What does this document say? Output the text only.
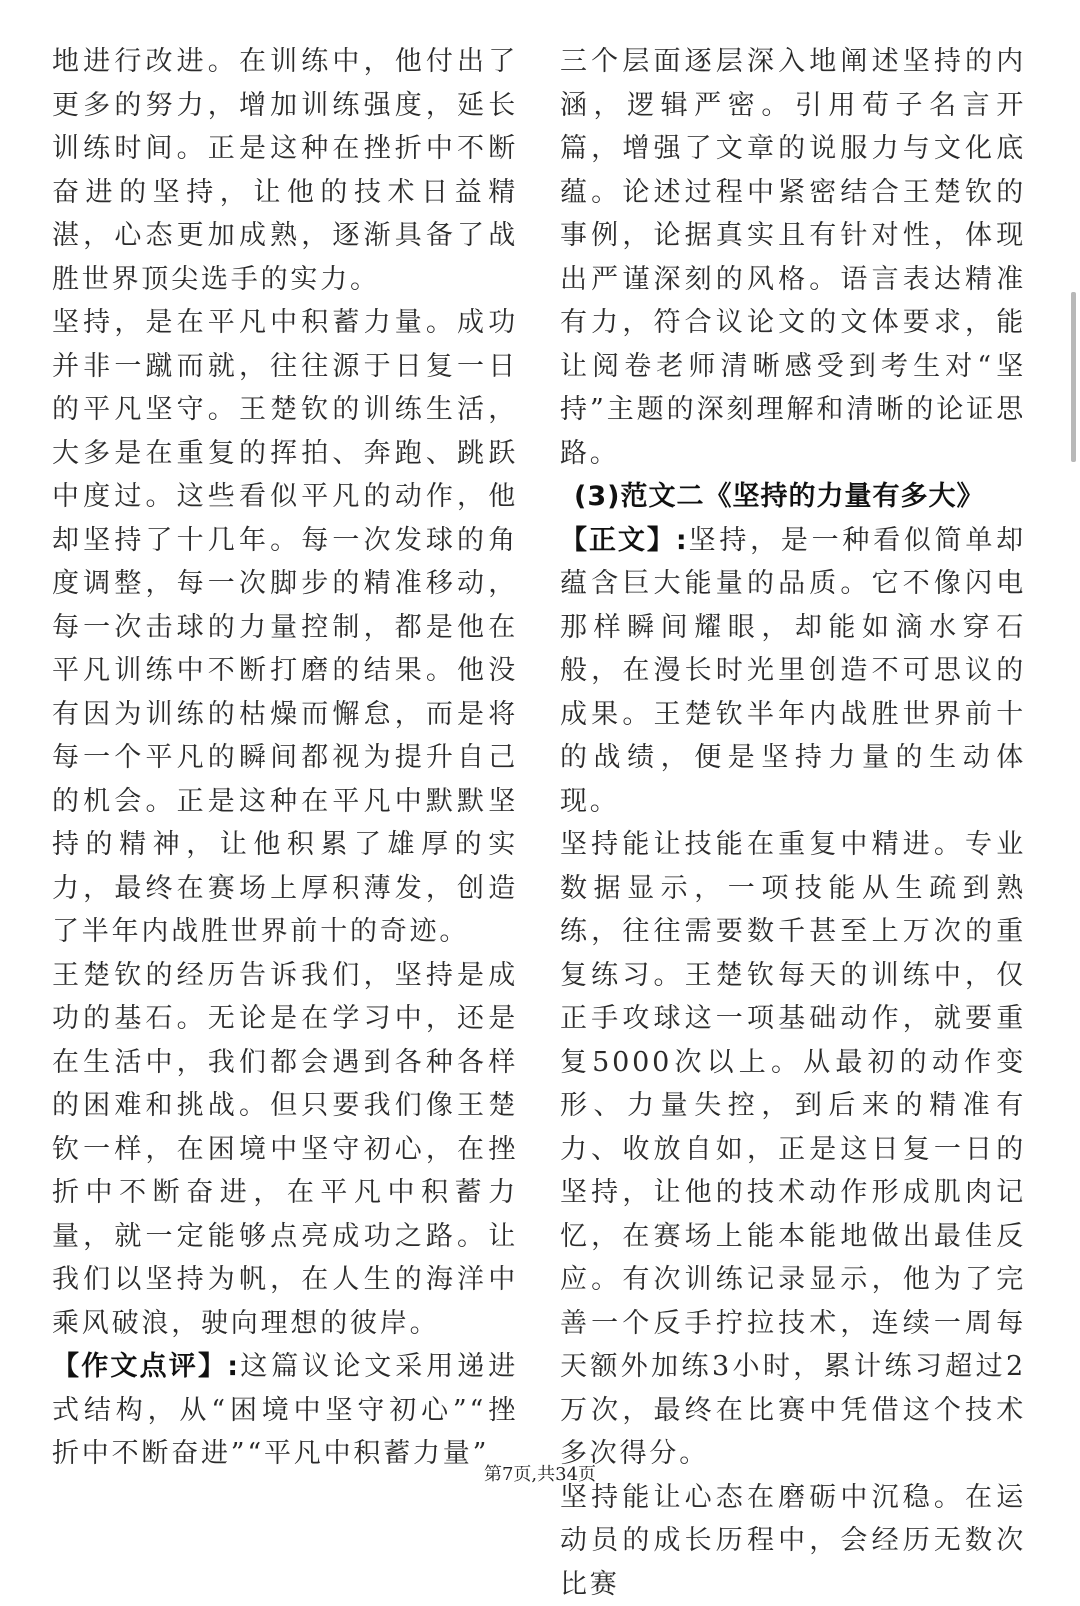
地进行改进。在训练中，他付出了更多的努力，增加训练强度，延长训练时间。正是这种在挫折中不断奋进的坚持，让他的技术日益精湛，心态更加成熟，逐渐具备了战胜世界顶尖选手的实力。

坚持，是在平凡中积蓄力量。成功并非一蹴而就，往往源于日复一日的平凡坚守。王楚钦的训练生活，大多是在重复的挥拍、奔跑、跳跃中度过。这些看似平凡的动作，他却坚持了十几年。每一次发球的角度调整，每一次脚步的精准移动，每一次击球的力量控制，都是他在平凡训练中不断打磨的结果。他没有因为训练的枯燥而懈怠，而是将每一个平凡的瞬间都视为提升自己的机会。正是这种在平凡中默默坚持的精神，让他积累了雄厚的实力，最终在赛场上厚积薄发，创造了半年内战胜世界前十的奇迹。

王楚钦的经历告诉我们，坚持是成功的基石。无论是在学习中，还是在生活中，我们都会遇到各种各样的困难和挑战。但只要我们像王楚钦一样，在困境中坚守初心，在挫折中不断奋进，在平凡中积蓄力量，就一定能够点亮成功之路。让我们以坚持为帆，在人生的海洋中乘风破浪，驶向理想的彼岸。

【作文点评】:这篇议论文采用递进式结构，从“困境中坚守初心”“挫折中不断奋进”“平凡中积蓄力量”

三个层面逐层深入地阐述坚持的内涵，逻辑严密。引用荀子名言开篇，增强了文章的说服力与文化底蕴。论述过程中紧密结合王楚钦的事例，论据真实且有针对性，体现出严谨深刻的风格。语言表达精准有力，符合议论文的文体要求，能让阅卷老师清晰感受到考生对“坚持”主题的深刻理解和清晰的论证思路。

(3)范文二《坚持的力量有多大》

【正文】:坚持，是一种看似简单却蕴含巨大能量的品质。它不像闪电那样瞬间耀眼，却能如滴水穿石般，在漫长时光里创造不可思议的成果。王楚钦半年内战胜世界前十的战绩，便是坚持力量的生动体现。

坚持能让技能在重复中精进。专业数据显示，一项技能从生疏到熟练，往往需要数千甚至上万次的重复练习。王楚钦每天的训练中，仅正手攻球这一项基础动作，就要重复5000次以上。从最初的动作变形、力量失控，到后来的精准有力、收放自如，正是这日复一日的坚持，让他的技术动作形成肌肉记忆，在赛场上能本能地做出最佳反应。有次训练记录显示，他为了完善一个反手拧拉技术，连续一周每天额外加练3小时，累计练习超过2万次，最终在比赛中凭借这个技术多次得分。

坚持能让心态在磨砺中沉稳。在运动员的成长历程中，会经历无数次比赛

第7页,共34页
